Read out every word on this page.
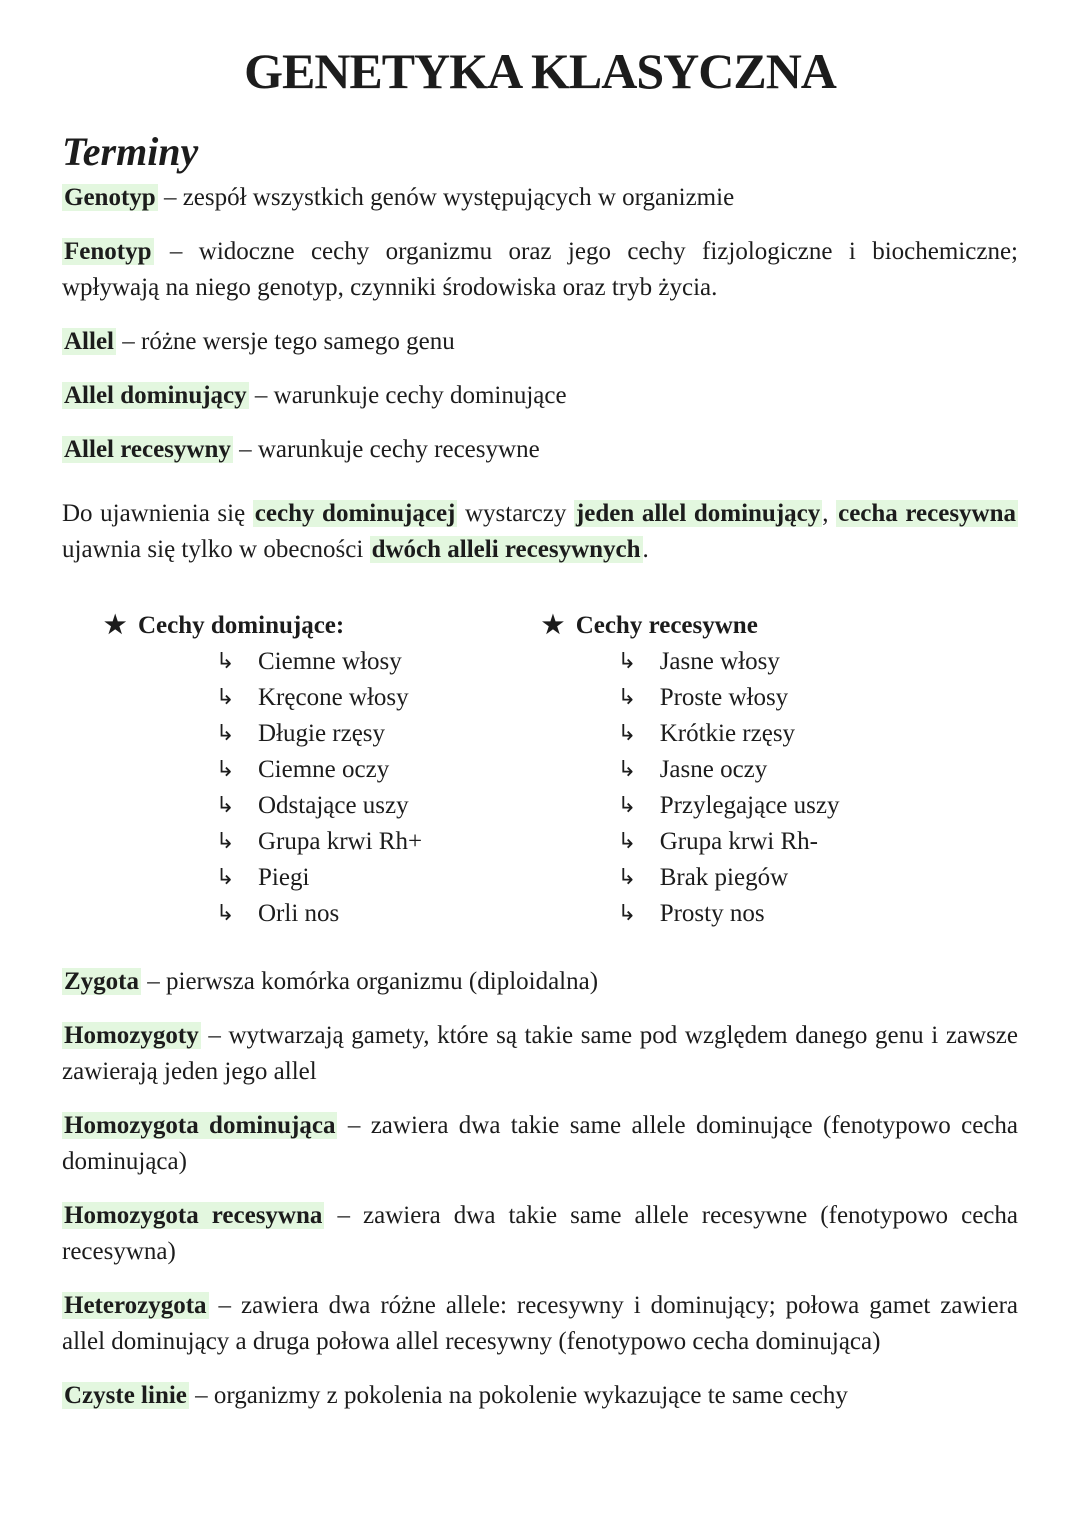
GENETYKA KLASYCZNA
Terminy

Genotyp – zespół wszystkich genów występujących w organizmie

Fenotyp – widoczne cechy organizmu oraz jego cechy fizjologiczne i biochemiczne; wpływają na niego genotyp, czynniki środowiska oraz tryb życia.

Allel – różne wersje tego samego genu

Allel dominujący – warunkuje cechy dominujące

Allel recesywny – warunkuje cechy recesywne

Do ujawnienia się cechy dominującej wystarczy jeden allel dominujący, cecha recesywna ujawnia się tylko w obecności dwóch alleli recesywnych.

★ Cechy dominujące:
↳ Ciemne włosy
↳ Kręcone włosy
↳ Długie rzęsy
↳ Ciemne oczy
↳ Odstające uszy
↳ Grupa krwi Rh+
↳ Piegi
↳ Orli nos
★ Cechy recesywne
↳ Jasne włosy
↳ Proste włosy
↳ Krótkie rzęsy
↳ Jasne oczy
↳ Przylegające uszy
↳ Grupa krwi Rh-
↳ Brak piegów
↳ Prosty nos

Zygota – pierwsza komórka organizmu (diploidalna)

Homozygoty – wytwarzają gamety, które są takie same pod względem danego genu i zawsze zawierają jeden jego allel

Homozygota dominująca – zawiera dwa takie same allele dominujące (fenotypowo cecha dominująca)

Homozygota recesywna – zawiera dwa takie same allele recesywne (fenotypowo cecha recesywna)

Heterozygota – zawiera dwa różne allele: recesywny i dominujący; połowa gamet zawiera allel dominujący a druga połowa allel recesywny (fenotypowo cecha dominująca)

Czyste linie – organizmy z pokolenia na pokolenie wykazujące te same cechy
